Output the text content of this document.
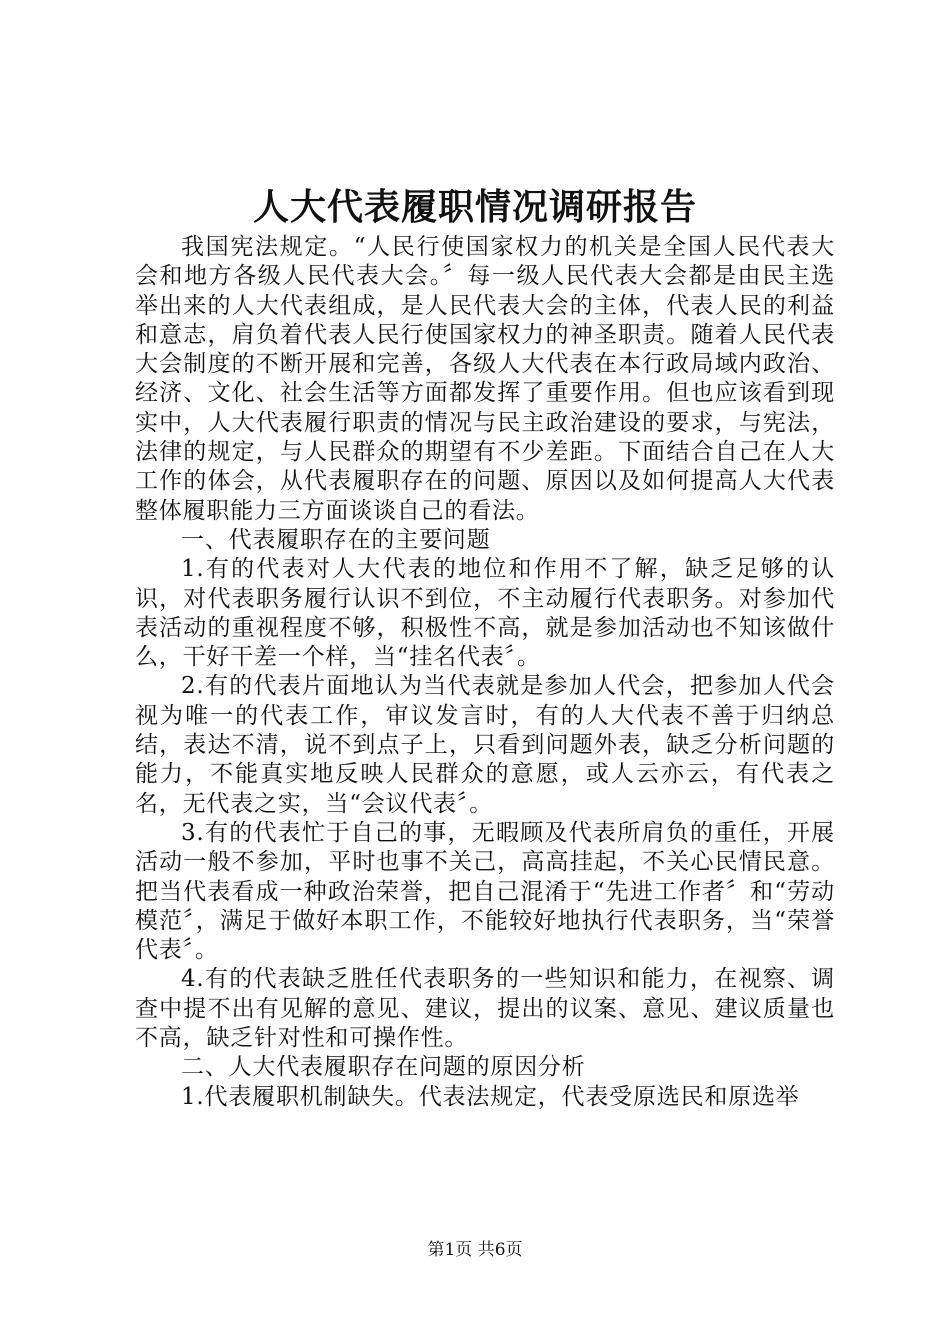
人大代表履职情况调研报告

我国宪法规定。“人民行使国家权力的机关是全国人民代表大会和地方各级人民代表大会。〞每一级人民代表大会都是由民主选举出来的人大代表组成，是人民代表大会的主体，代表人民的利益和意志，肩负着代表人民行使国家权力的神圣职责。随着人民代表大会制度的不断开展和完善，各级人大代表在本行政局域内政治、经济、文化、社会生活等方面都发挥了重要作用。但也应该看到现实中，人大代表履行职责的情况与民主政治建设的要求，与宪法，法律的规定，与人民群众的期望有不少差距。下面结合自己在人大工作的体会，从代表履职存在的问题、原因以及如何提高人大代表整体履职能力三方面谈谈自己的看法。

一、代表履职存在的主要问题

1.有的代表对人大代表的地位和作用不了解，缺乏足够的认识，对代表职务履行认识不到位，不主动履行代表职务。对参加代表活动的重视程度不够，积极性不高，就是参加活动也不知该做什么，干好干差一个样，当“挂名代表〞。

2.有的代表片面地认为当代表就是参加人代会，把参加人代会视为唯一的代表工作，审议发言时，有的人大代表不善于归纳总结，表达不清，说不到点子上，只看到问题外表，缺乏分析问题的能力，不能真实地反映人民群众的意愿，或人云亦云，有代表之名，无代表之实，当“会议代表〞。

3.有的代表忙于自己的事，无暇顾及代表所肩负的重任，开展活动一般不参加，平时也事不关己，高高挂起，不关心民情民意。把当代表看成一种政治荣誉，把自己混淆于“先进工作者〞和“劳动模范〞，满足于做好本职工作，不能较好地执行代表职务，当“荣誉代表〞。

4.有的代表缺乏胜任代表职务的一些知识和能力，在视察、调查中提不出有见解的意见、建议，提出的议案、意见、建议质量也不高，缺乏针对性和可操作性。

二、人大代表履职存在问题的原因分析

1.代表履职机制缺失。代表法规定，代表受原选民和原选举

第1页 共6页
